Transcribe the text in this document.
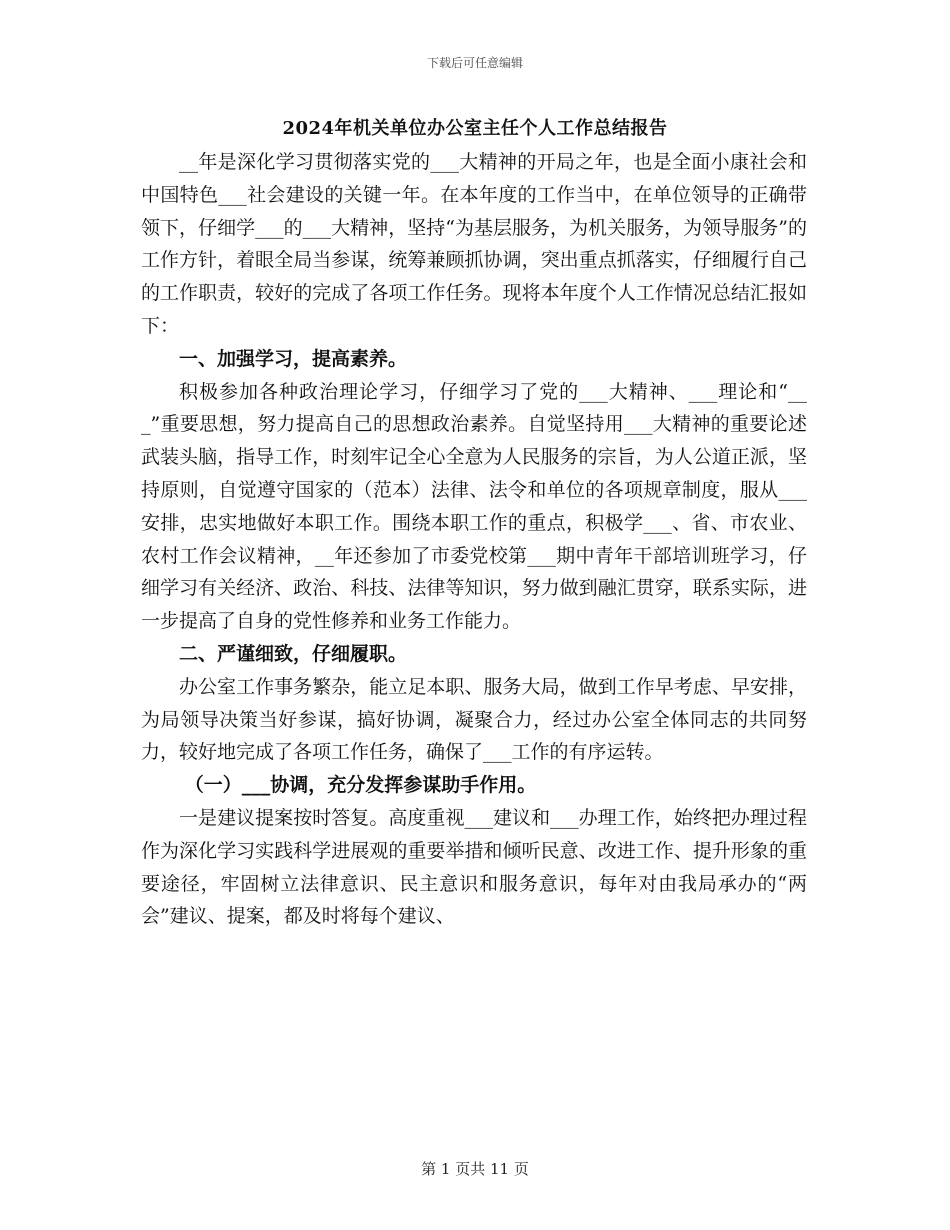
下载后可任意编辑
2024年机关单位办公室主任个人工作总结报告

__年是深化学习贯彻落实党的___大精神的开局之年，也是全面小康社会和中国特色___社会建设的关键一年。在本年度的工作当中，在单位领导的正确带领下，仔细学___的___大精神，坚持“为基层服务，为机关服务，为领导服务”的工作方针，着眼全局当参谋，统筹兼顾抓协调，突出重点抓落实，仔细履行自己的工作职责，较好的完成了各项工作任务。现将本年度个人工作情况总结汇报如下：

一、加强学习，提高素养。

积极参加各种政治理论学习，仔细学习了党的___大精神、___理论和“___”重要思想，努力提高自己的思想政治素养。自觉坚持用___大精神的重要论述武装头脑，指导工作，时刻牢记全心全意为人民服务的宗旨，为人公道正派，坚持原则，自觉遵守国家的（范本）法律、法令和单位的各项规章制度，服从___安排，忠实地做好本职工作。围绕本职工作的重点，积极学___、省、市农业、农村工作会议精神，__年还参加了市委党校第___期中青年干部培训班学习，仔细学习有关经济、政治、科技、法律等知识，努力做到融汇贯穿，联系实际，进一步提高了自身的党性修养和业务工作能力。

二、严谨细致，仔细履职。

办公室工作事务繁杂，能立足本职、服务大局，做到工作早考虑、早安排，为局领导决策当好参谋，搞好协调，凝聚合力，经过办公室全体同志的共同努力，较好地完成了各项工作任务，确保了___工作的有序运转。

（一）___协调，充分发挥参谋助手作用。

一是建议提案按时答复。高度重视___建议和___办理工作，始终把办理过程作为深化学习实践科学进展观的重要举措和倾听民意、改进工作、提升形象的重要途径，牢固树立法律意识、民主意识和服务意识，每年对由我局承办的“两会”建议、提案，都及时将每个建议、

第 1 页共 11 页
